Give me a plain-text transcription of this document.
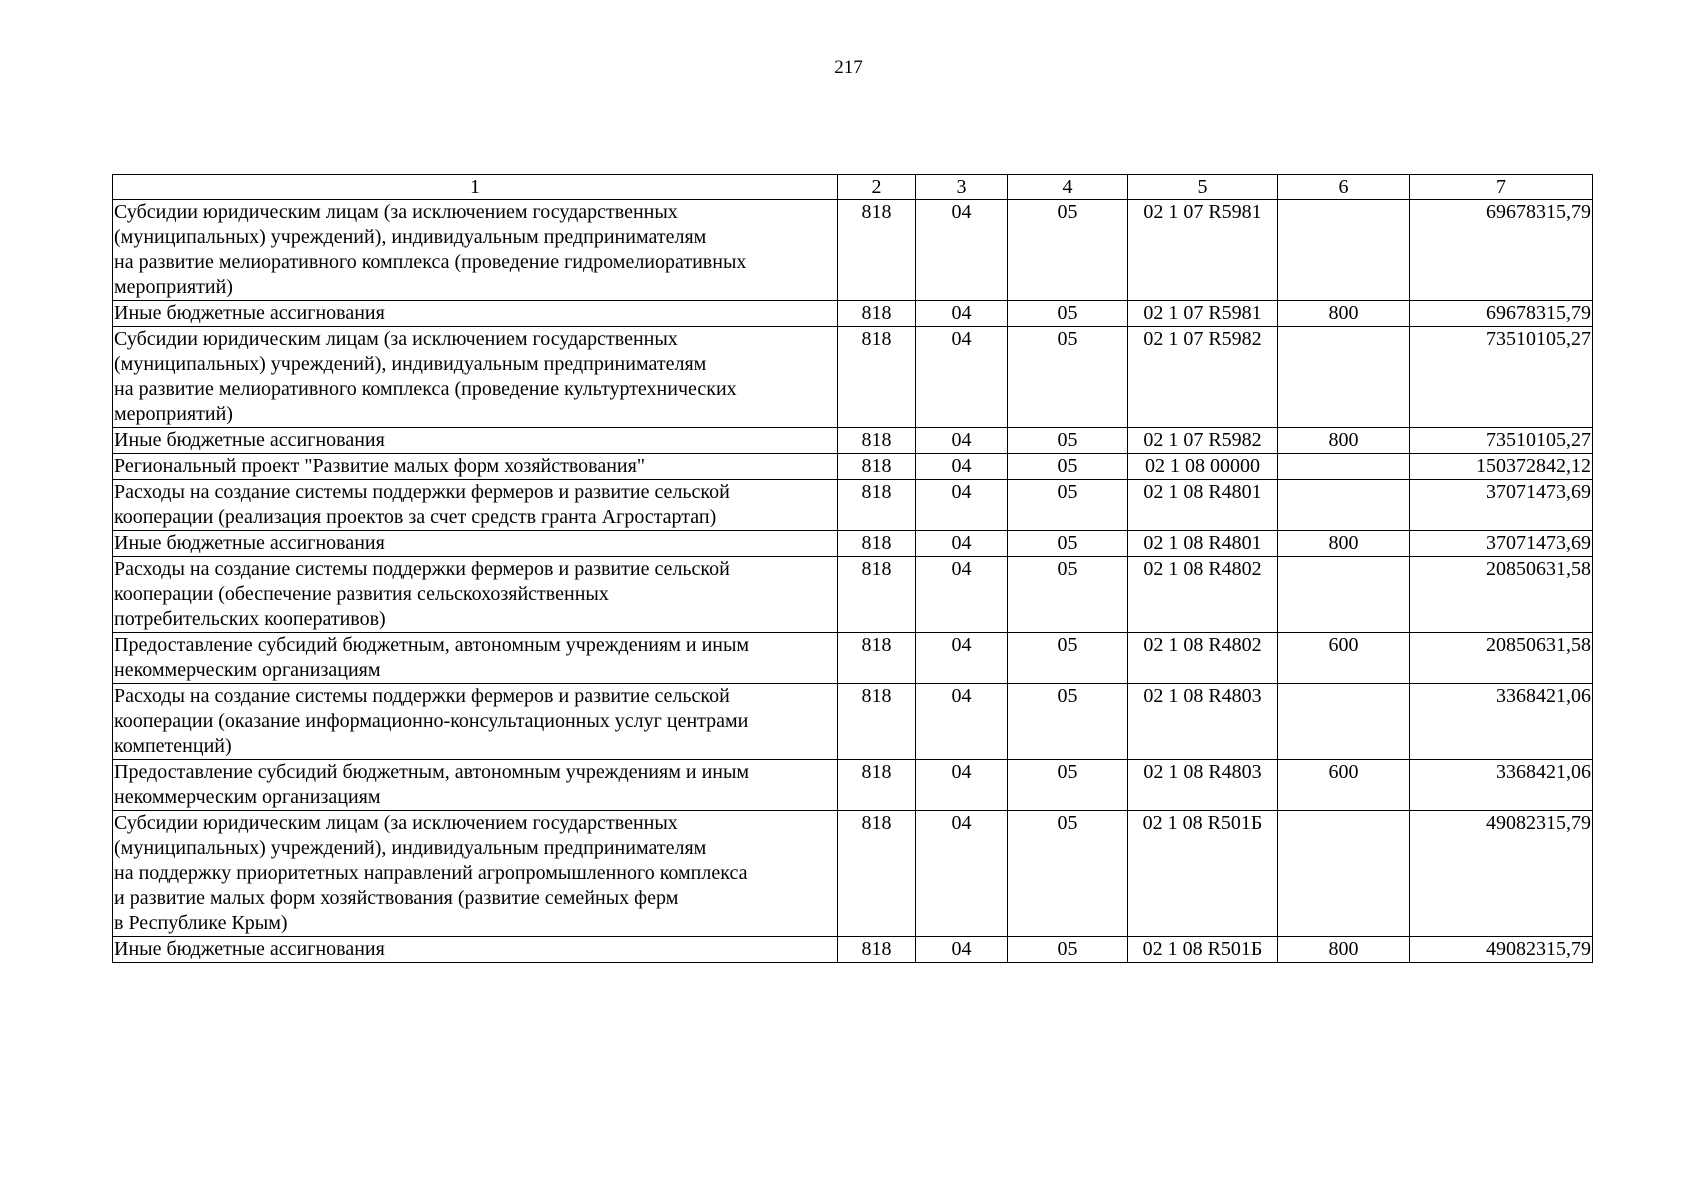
217
1	2	3	4	5	6	7
Субсидии юридическим лицам (за исключением государственных
(муниципальных) учреждений), индивидуальным предпринимателям
на развитие мелиоративного комплекса (проведение гидромелиоративных
мероприятий)	818	04	05	02 1 07 R5981		69678315,79
Иные бюджетные ассигнования	818	04	05	02 1 07 R5981	800	69678315,79
Субсидии юридическим лицам (за исключением государственных
(муниципальных) учреждений), индивидуальным предпринимателям
на развитие мелиоративного комплекса (проведение культуртехнических
мероприятий)	818	04	05	02 1 07 R5982		73510105,27
Иные бюджетные ассигнования	818	04	05	02 1 07 R5982	800	73510105,27
Региональный проект "Развитие малых форм хозяйствования"	818	04	05	02 1 08 00000		150372842,12
Расходы на создание системы поддержки фермеров и развитие сельской
кооперации (реализация проектов за счет средств гранта Агростартап)	818	04	05	02 1 08 R4801		37071473,69
Иные бюджетные ассигнования	818	04	05	02 1 08 R4801	800	37071473,69
Расходы на создание системы поддержки фермеров и развитие сельской
кооперации (обеспечение развития сельскохозяйственных
потребительских кооперативов)	818	04	05	02 1 08 R4802		20850631,58
Предоставление субсидий бюджетным, автономным учреждениям и иным
некоммерческим организациям	818	04	05	02 1 08 R4802	600	20850631,58
Расходы на создание системы поддержки фермеров и развитие сельской
кооперации (оказание информационно-консультационных услуг центрами
компетенций)	818	04	05	02 1 08 R4803		3368421,06
Предоставление субсидий бюджетным, автономным учреждениям и иным
некоммерческим организациям	818	04	05	02 1 08 R4803	600	3368421,06
Субсидии юридическим лицам (за исключением государственных
(муниципальных) учреждений), индивидуальным предпринимателям
на поддержку приоритетных направлений агропромышленного комплекса
и развитие малых форм хозяйствования (развитие семейных ферм
в Республике Крым)	818	04	05	02 1 08 R501Б		49082315,79
Иные бюджетные ассигнования	818	04	05	02 1 08 R501Б	800	49082315,79
